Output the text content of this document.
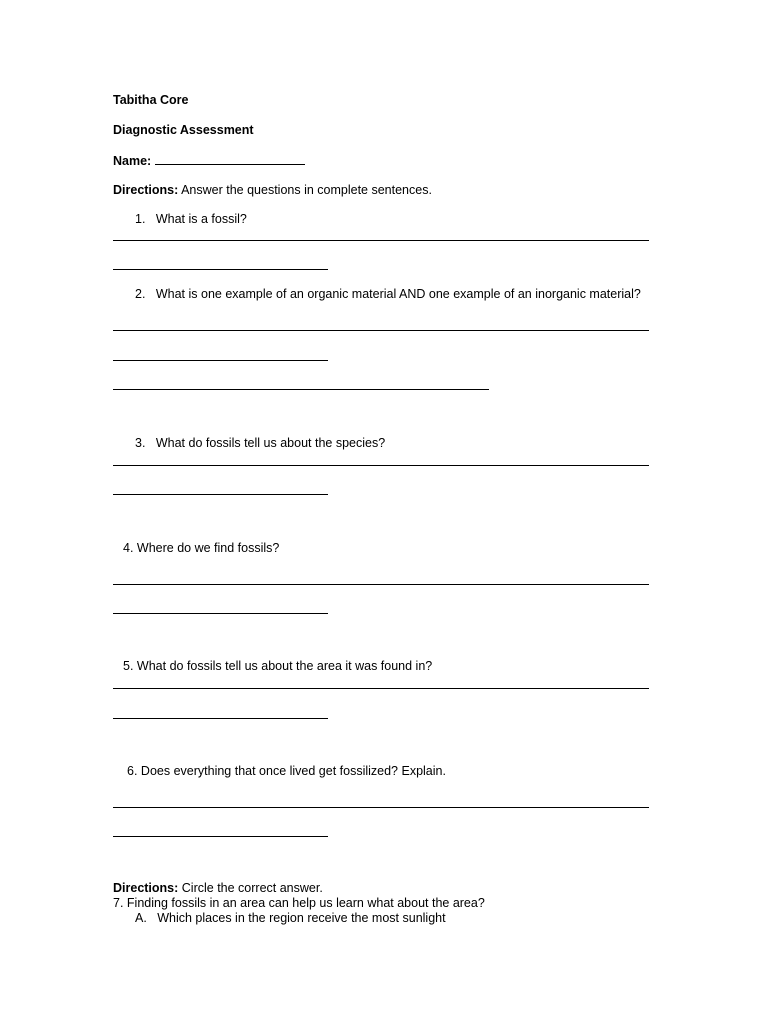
Tabitha Core
Diagnostic Assessment
Name:
Directions: Answer the questions in complete sentences.
1. What is a fossil?
2. What is one example of an organic material AND one example of an inorganic material?
3. What do fossils tell us about the species?
4. Where do we find fossils?
5. What do fossils tell us about the area it was found in?
6. Does everything that once lived get fossilized? Explain.
Directions: Circle the correct answer.
7. Finding fossils in an area can help us learn what about the area?
A. Which places in the region receive the most sunlight
